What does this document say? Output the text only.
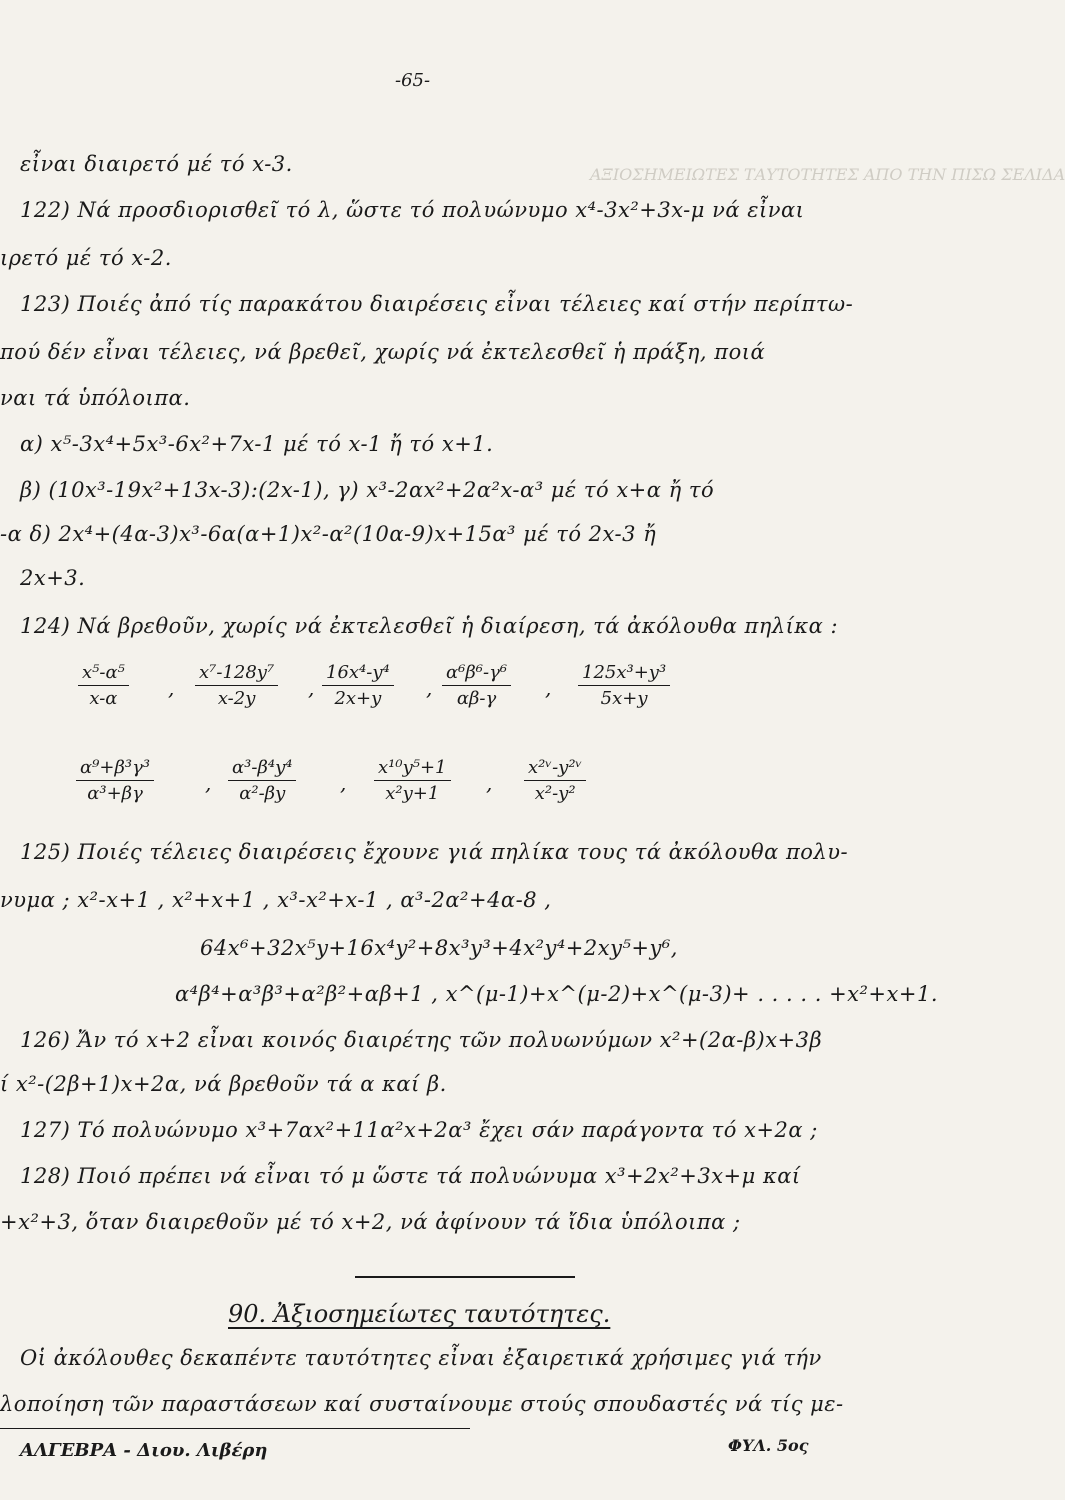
ΑΞΙΟΣΗΜΕΙΩΤΕΣ ΤΑΥΤΟΤΗΤΕΣ ΑΠΟ ΤΗΝ ΠΙΣΩ ΣΕΛΙΔΑ
-65-
εἶναι διαιρετό μέ τό x-3.
122) Νά προσδιορισθεῖ τό λ, ὥστε τό πολυώνυμο x⁴-3x²+3x-μ νά εἶναι
ιρετό μέ τό x-2.
123) Ποιές ἀπό τίς παρακάτου διαιρέσεις εἶναι τέλειες καί στήν περίπτω-
πού δέν εἶναι τέλειες, νά βρεθεῖ, χωρίς νά ἐκτελεσθεῖ ἡ πράξη, ποιά
ναι τά ὑπόλοιπα.
α) x⁵-3x⁴+5x³-6x²+7x-1 μέ τό x-1 ἤ τό x+1.
β) (10x³-19x²+13x-3):(2x-1), γ) x³-2αx²+2α²x-α³ μέ τό x+α ἤ τό
-α δ) 2x⁴+(4α-3)x³-6α(α+1)x²-α²(10α-9)x+15α³ μέ τό 2x-3 ἤ
2x+3.
124) Νά βρεθοῦν, χωρίς νά ἐκτελεσθεῖ ἡ διαίρεση, τά ἀκόλουθα πηλίκα :
$\frac{\text{x⁵-α⁵}}{x-\alpha}$ , $\frac{\text{x⁷-128y⁷}}{x-2y}$ , $\frac{\text{16x⁴-y⁴}}{2x+y}$ , $\frac{\text{α⁶β⁶-γ⁶}}{\alpha\beta-\gamma}$ , $\frac{\text{125x³+y³}}{5x+y}$
$\frac{\text{α⁹+β³γ³}}{\text{α³+βγ}}$	, $\frac{\text{α³-β⁴y⁴}}{\text{α²-βy}}$ , $\frac{\text{x¹⁰y⁵+1}}{\text{x²y+1}}$ , $\frac{\text{x²ᵛ-y²ᵛ}}{\text{x²-y²}}$
125) Ποιές τέλειες διαιρέσεις ἔχουνε γιά πηλίκα τους τά ἀκόλουθα πολυ-
νυμα ; x²-x+1 , x²+x+1 , x³-x²+x-1 , α³-2α²+4α-8 ,
64x⁶+32x⁵y+16x⁴y²+8x³y³+4x²y⁴+2xy⁵+y⁶,
α⁴β⁴+α³β³+α²β²+αβ+1 , x^(μ-1)+x^(μ-2)+x^(μ-3)+ . . . . . +x²+x+1.
126) Ἄν τό x+2 εἶναι κοινός διαιρέτης τῶν πολυωνύμων x²+(2α-β)x+3β
ί x²-(2β+1)x+2α, νά βρεθοῦν τά α καί β.
127) Τό πολυώνυμο x³+7αx²+11α²x+2α³ ἔχει σάν παράγοντα τό x+2α ;
128) Ποιό πρέπει νά εἶναι τό μ ὥστε τά πολυώνυμα x³+2x²+3x+μ καί
+x²+3, ὅταν διαιρεθοῦν μέ τό x+2, νά ἀφίνουν τά ἴδια ὑπόλοιπα ;
90. Ἀξιοσημείωτες ταυτότητες.
Οἱ ἀκόλουθες δεκαπέντε ταυτότητες εἶναι ἐξαιρετικά χρήσιμες γιά τήν
λοποίηση τῶν παραστάσεων καί συσταίνουμε στούς σπουδαστές νά τίς με-
ΑΛΓΕΒΡΑ - Διου. Λιβέρη	ΦΥΛ. 5ος
